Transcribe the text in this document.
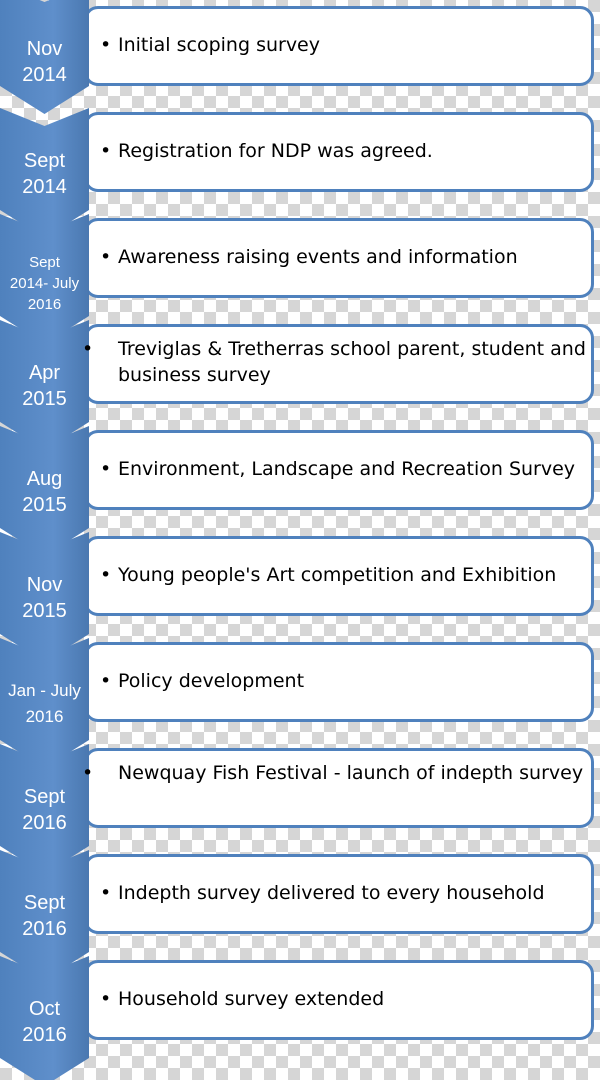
Nov
2014
• Initial scoping survey
Sept
2014
• Registration for NDP was agreed.
Sept
2014- July
2016
• Awareness raising events and information
Apr
2015
• Treviglas & Tretherras school parent, student and business survey
Aug
2015
• Environment, Landscape and Recreation Survey
Nov
2015
• Young people's Art competition and Exhibition
Jan - July
2016
• Policy development
Sept
2016
• Newquay Fish Festival - launch of indepth survey
Sept
2016
• Indepth survey delivered to every household
Oct
2016
• Household survey extended
